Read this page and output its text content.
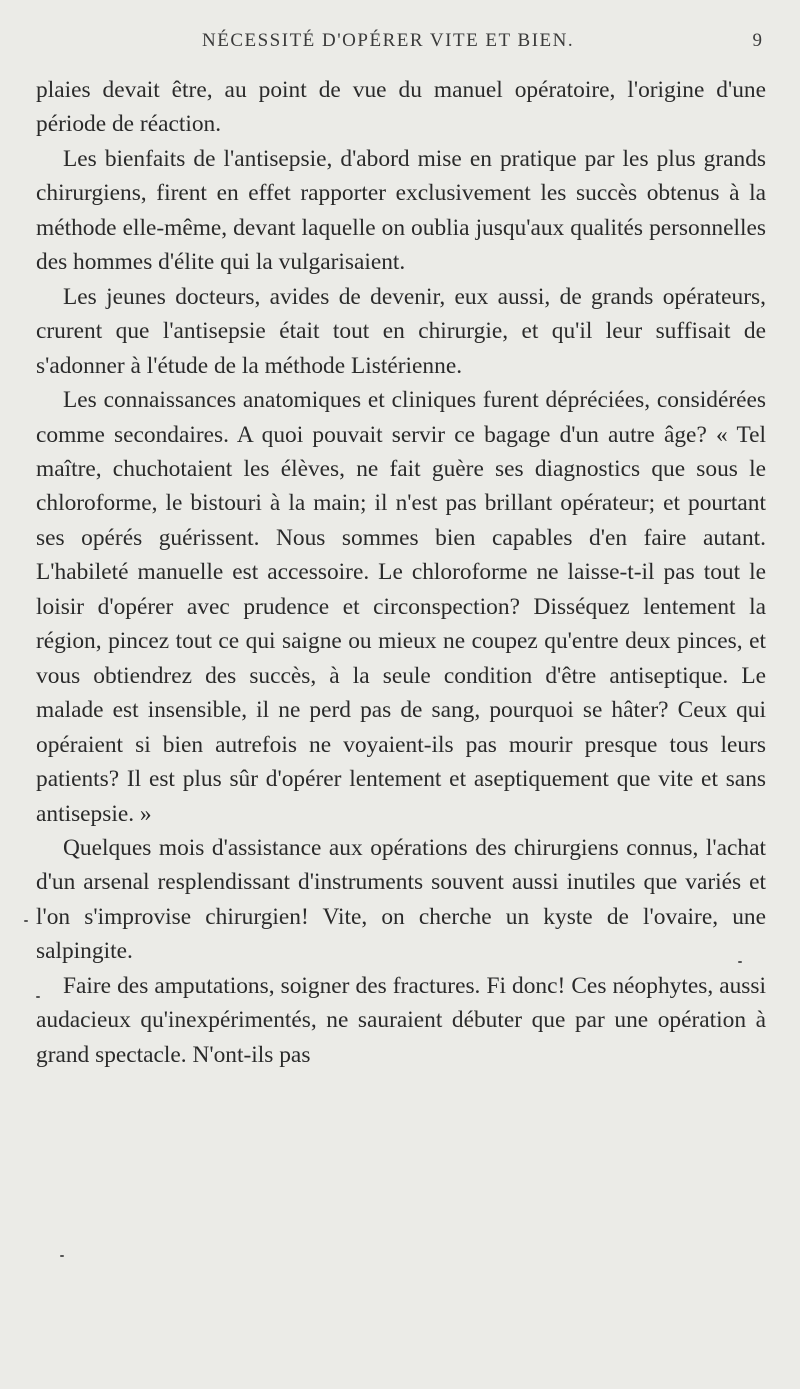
NÉCESSITÉ D'OPÉRER VITE ET BIEN.	9

plaies devait être, au point de vue du manuel opératoire, l'origine d'une période de réaction.

Les bienfaits de l'antisepsie, d'abord mise en pratique par les plus grands chirurgiens, firent en effet rapporter exclusivement les succès obtenus à la méthode elle-même, devant laquelle on oublia jusqu'aux qualités personnelles des hommes d'élite qui la vulgarisaient.

Les jeunes docteurs, avides de devenir, eux aussi, de grands opérateurs, crurent que l'antisepsie était tout en chirurgie, et qu'il leur suffisait de s'adonner à l'étude de la méthode Listérienne.

Les connaissances anatomiques et cliniques furent dépréciées, considérées comme secondaires. A quoi pouvait servir ce bagage d'un autre âge? « Tel maître, chuchotaient les élèves, ne fait guère ses diagnostics que sous le chloroforme, le bistouri à la main; il n'est pas brillant opérateur; et pourtant ses opérés guérissent. Nous sommes bien capables d'en faire autant. L'habileté manuelle est accessoire. Le chloroforme ne laisse-t-il pas tout le loisir d'opérer avec prudence et circonspection? Disséquez lentement la région, pincez tout ce qui saigne ou mieux ne coupez qu'entre deux pinces, et vous obtiendrez des succès, à la seule condition d'être antiseptique. Le malade est insensible, il ne perd pas de sang, pourquoi se hâter? Ceux qui opéraient si bien autrefois ne voyaient-ils pas mourir presque tous leurs patients? Il est plus sûr d'opérer lentement et aseptiquement que vite et sans antisepsie. »

Quelques mois d'assistance aux opérations des chirurgiens connus, l'achat d'un arsenal resplendissant d'instruments souvent aussi inutiles que variés et l'on s'improvise chirurgien! Vite, on cherche un kyste de l'ovaire, une salpingite.

Faire des amputations, soigner des fractures. Fi donc! Ces néophytes, aussi audacieux qu'inexpérimentés, ne sauraient débuter que par une opération à grand spectacle. N'ont-ils pas
